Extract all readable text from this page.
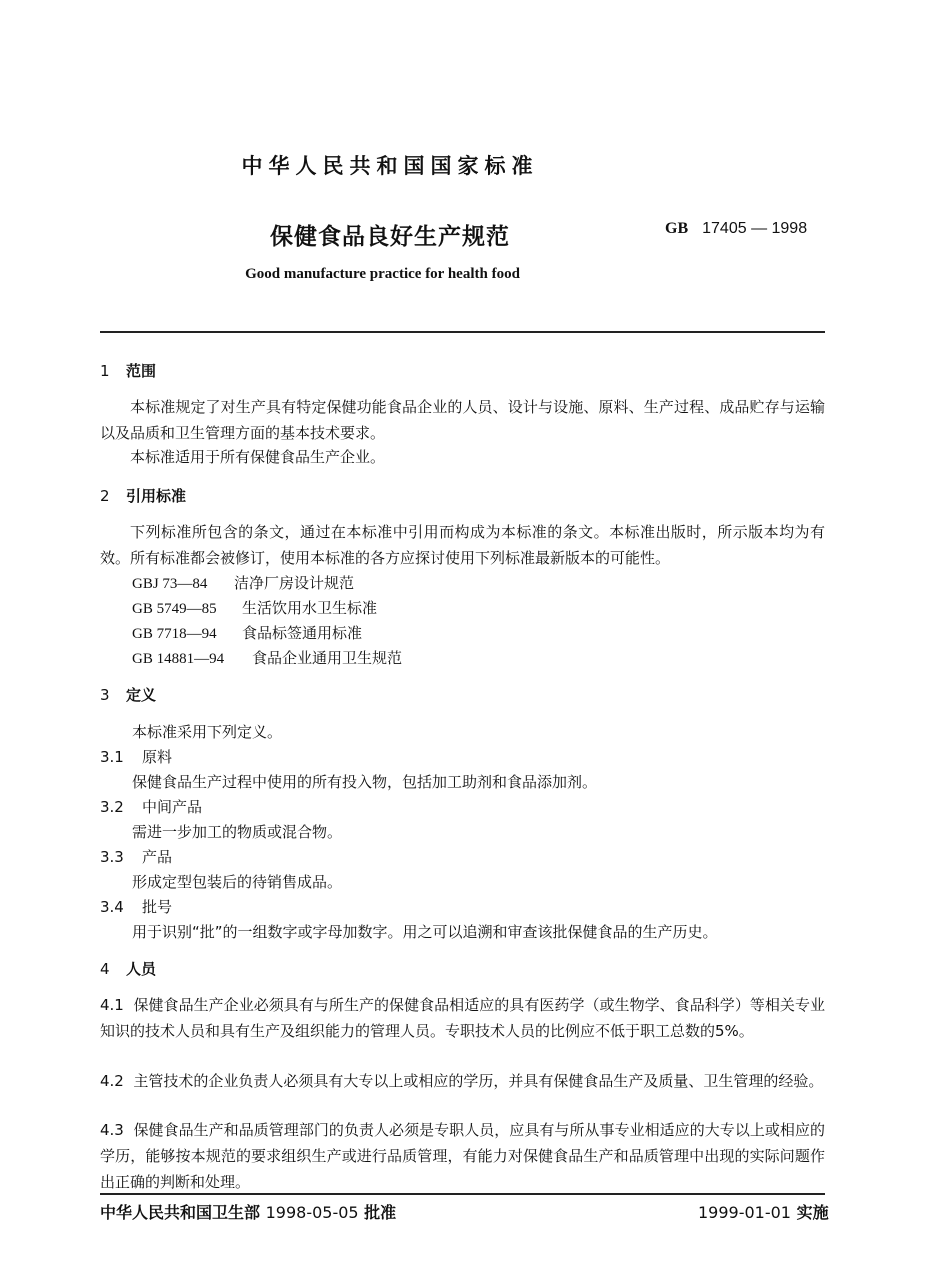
中华人民共和国国家标准
保健食品良好生产规范	GB 17405 — 1998
Good manufacture practice for health food
1 范围
本标准规定了对生产具有特定保健功能食品企业的人员、设计与设施、原料、生产过程、成品贮存与运输以及品质和卫生管理方面的基本技术要求。
本标准适用于所有保健食品生产企业。
2 引用标准
下列标准所包含的条文，通过在本标准中引用而构成为本标准的条文。本标准出版时，所示版本均为有效。所有标准都会被修订，使用本标准的各方应探讨使用下列标准最新版本的可能性。
GBJ 73—84 洁净厂房设计规范
GB 5749—85 生活饮用水卫生标准
GB 7718—94 食品标签通用标准
GB 14881—94 食品企业通用卫生规范
3 定义
本标准采用下列定义。
3.1 原料
保健食品生产过程中使用的所有投入物，包括加工助剂和食品添加剂。
3.2 中间产品
需进一步加工的物质或混合物。
3.3 产品
形成定型包装后的待销售成品。
3.4 批号
用于识别“批”的一组数字或字母加数字。用之可以追溯和审查该批保健食品的生产历史。
4 人员
4.1 保健食品生产企业必须具有与所生产的保健食品相适应的具有医药学（或生物学、食品科学）等相关专业知识的技术人员和具有生产及组织能力的管理人员。专职技术人员的比例应不低于职工总数的5%。
4.2 主管技术的企业负责人必须具有大专以上或相应的学历，并具有保健食品生产及质量、卫生管理的经验。
4.3 保健食品生产和品质管理部门的负责人必须是专职人员，应具有与所从事专业相适应的大专以上或相应的学历，能够按本规范的要求组织生产或进行品质管理，有能力对保健食品生产和品质管理中出现的实际问题作出正确的判断和处理。
中华人民共和国卫生部 1998-05-05 批准	1999-01-01 实施
